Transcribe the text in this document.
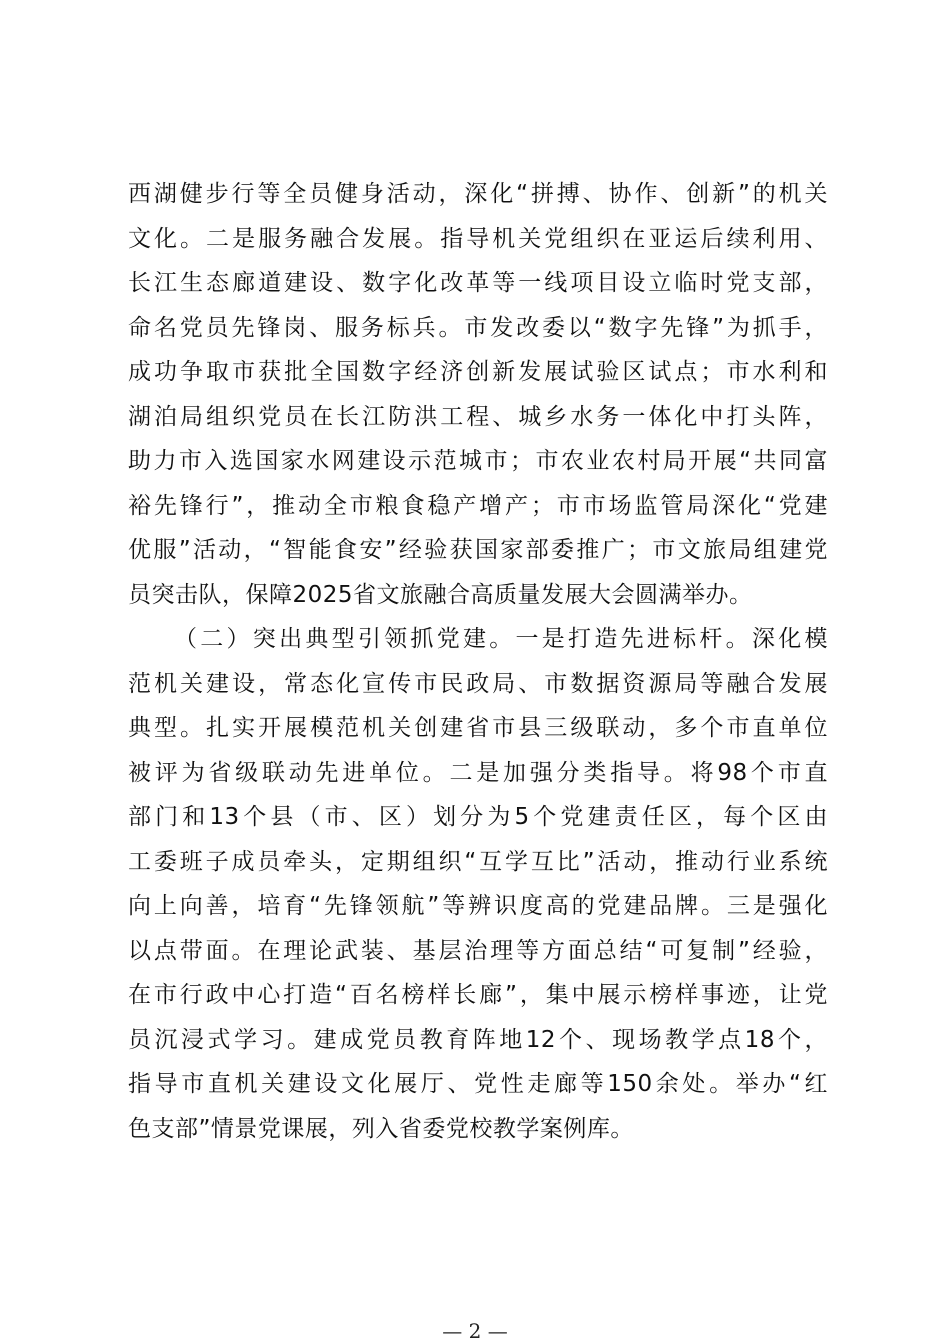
西湖健步行等全员健身活动，深化“拼搏、协作、创新”的机关
文化。二是服务融合发展。指导机关党组织在亚运后续利用、
长江生态廊道建设、数字化改革等一线项目设立临时党支部，
命名党员先锋岗、服务标兵。市发改委以“数字先锋”为抓手，
成功争取市获批全国数字经济创新发展试验区试点；市水利和
湖泊局组织党员在长江防洪工程、城乡水务一体化中打头阵，
助力市入选国家水网建设示范城市；市农业农村局开展“共同富
裕先锋行”，推动全市粮食稳产增产；市市场监管局深化“党建
优服”活动，“智能食安”经验获国家部委推广；市文旅局组建党
员突击队，保障2025省文旅融合高质量发展大会圆满举办。
（二）突出典型引领抓党建。一是打造先进标杆。深化模
范机关建设，常态化宣传市民政局、市数据资源局等融合发展
典型。扎实开展模范机关创建省市县三级联动，多个市直单位
被评为省级联动先进单位。二是加强分类指导。将98个市直
部门和13个县（市、区）划分为5个党建责任区，每个区由
工委班子成员牵头，定期组织“互学互比”活动，推动行业系统
向上向善，培育“先锋领航”等辨识度高的党建品牌。三是强化
以点带面。在理论武装、基层治理等方面总结“可复制”经验，
在市行政中心打造“百名榜样长廊”，集中展示榜样事迹，让党
员沉浸式学习。建成党员教育阵地12个、现场教学点18个，
指导市直机关建设文化展厅、党性走廊等150余处。举办“红
色支部”情景党课展，列入省委党校教学案例库。
— 2 —
